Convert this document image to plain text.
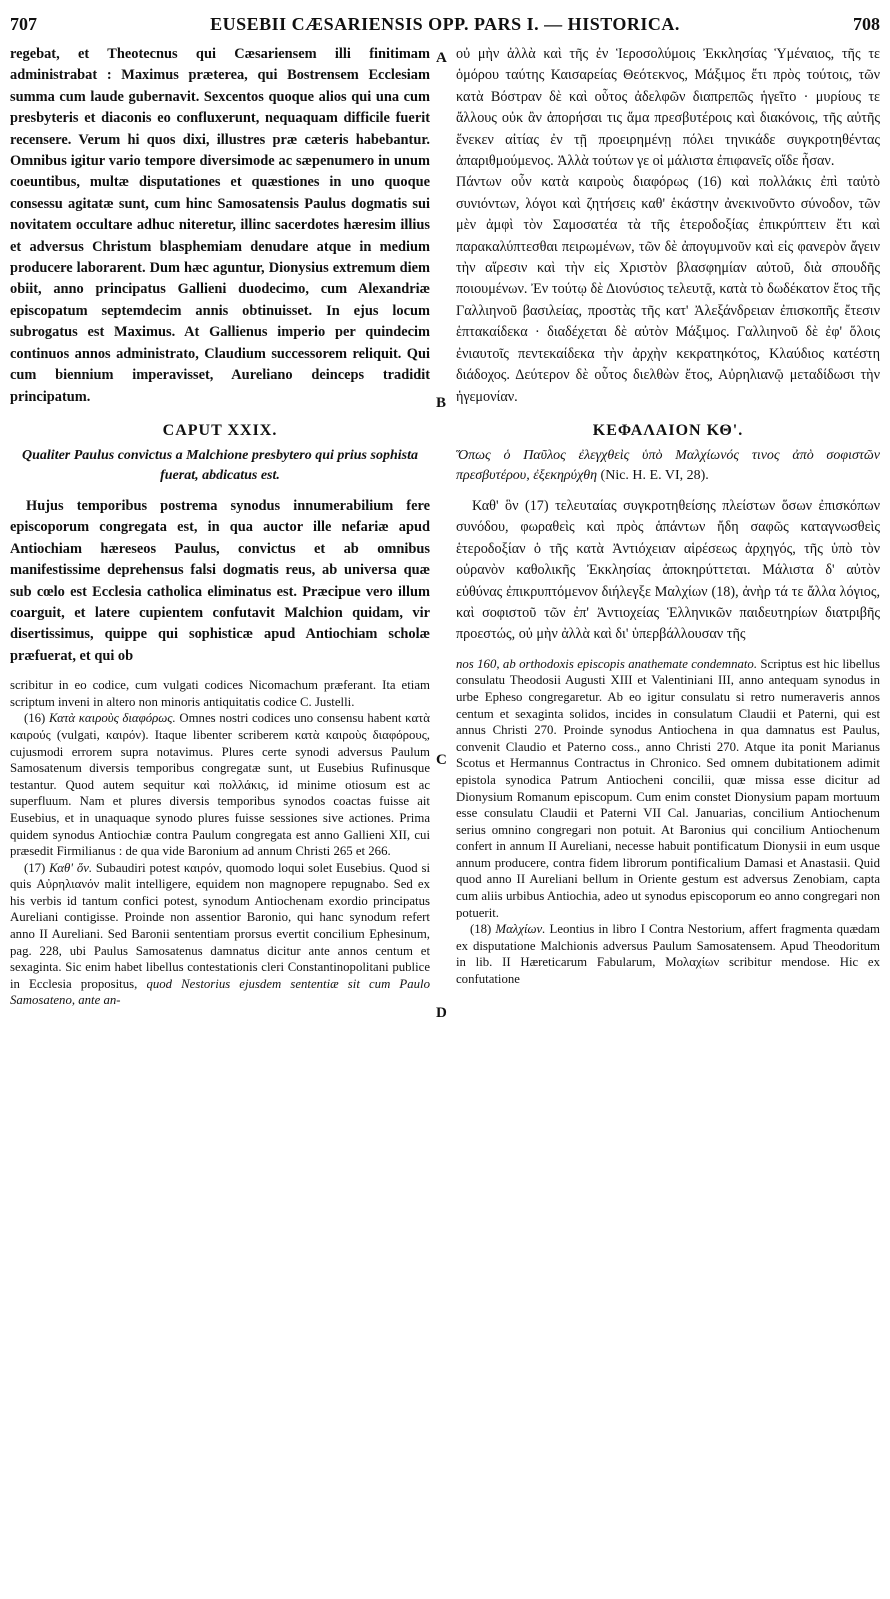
707	EUSEBII CÆSARIENSIS OPP. PARS I. — HISTORICA.	708
A
B
C
D

regebat, et Theotecnus qui Cæsariensem illi finitimam administrabat : Maximus præterea, qui Bostrensem Ecclesiam summa cum laude gubernavit. Sexcentos quoque alios qui una cum presbyteris et diaconis eo confluxerunt, nequaquam difficile fuerit recensere. Verum hi quos dixi, illustres præ cæteris habebantur. Omnibus igitur vario tempore diversimode ac sæpenumero in unum coeuntibus, multæ disputationes et quæstiones in uno quoque consessu agitatæ sunt, cum hinc Samosatensis Paulus dogmatis sui novitatem occultare adhuc niteretur, illinc sacerdotes hæresim illius et adversus Christum blasphemiam denudare atque in medium producere laborarent. Dum hæc aguntur, Dionysius extremum diem obiit, anno principatus Gallieni duodecimo, cum Alexandriæ episcopatum septemdecim annis obtinuisset. In ejus locum subrogatus est Maximus. At Gallienus imperio per quindecim continuos annos administrato, Claudium successorem reliquit. Qui cum biennium imperavisset, Aureliano deinceps tradidit principatum.

CAPUT XXIX.

Qualiter Paulus convictus a Malchione presbytero qui prius sophista fuerat, abdicatus est.

Hujus temporibus postrema synodus innumerabilium fere episcoporum congregata est, in qua auctor ille nefariæ apud Antiochiam hæreseos Paulus, convictus et ab omnibus manifestissime deprehensus falsi dogmatis reus, ab universa quæ sub cœlo est Ecclesia catholica eliminatus est. Præcipue vero illum coarguit, et latere cupientem confutavit Malchion quidam, vir disertissimus, quippe qui sophisticæ apud Antiochiam scholæ præfuerat, et qui ob

scribitur in eo codice, cum vulgati codices Nicomachum præferant. Ita etiam scriptum inveni in altero non minoris antiquitatis codice C. Justelli.

(16) Κατὰ καιροὺς διαφόρως. Omnes nostri codices uno consensu habent κατὰ καιρούς (vulgati, καιρόν). Itaque libenter scriberem κατὰ καιροὺς διαφόρους, cujusmodi errorem supra notavimus. Plures certe synodi adversus Paulum Samosatenum diversis temporibus congregatæ sunt, ut Eusebius Rufinusque testantur. Quod autem sequitur καὶ πολλάκις, id minime otiosum est ac superfluum. Nam et plures diversis temporibus synodos coactas fuisse ait Eusebius, et in unaquaque synodo plures fuisse sessiones sive actiones. Prima quidem synodus Antiochiæ contra Paulum congregata est anno Gallieni XII, cui præsedit Firmilianus : de qua vide Baronium ad annum Christi 265 et 266.

(17) Καθ' ὅν. Subaudiri potest καιρόν, quomodo loqui solet Eusebius. Quod si quis Αὐρηλιανόν malit intelligere, equidem non magnopere repugnabo. Sed ex his verbis id tantum confici potest, synodum Antiochenam exordio principatus Aureliani contigisse. Proinde non assentior Baronio, qui hanc synodum refert anno II Aureliani. Sed Baronii sententiam prorsus evertit concilium Ephesinum, pag. 228, ubi Paulus Samosatenus damnatus dicitur ante annos centum et sexaginta. Sic enim habet libellus contestationis cleri Constantinopolitani publice in Ecclesia propositus, quod Nestorius ejusdem sententiæ sit cum Paulo Samosateno, ante an-

οὐ μὴν ἀλλὰ καὶ τῆς ἐν Ἱεροσολύμοις Ἐκκλησίας Ὑμέναιος, τῆς τε ὁμόρου ταύτης Καισαρείας Θεότεκνος, Μάξιμος ἔτι πρὸς τούτοις, τῶν κατὰ Βόστραν δὲ καὶ οὗτος ἀδελφῶν διαπρεπῶς ἡγεῖτο · μυρίους τε ἄλλους οὐκ ἂν ἀπορήσαι τις ἅμα πρεσβυτέροις καὶ διακόνοις, τῆς αὐτῆς ἕνεκεν αἰτίας ἐν τῇ προειρημένῃ πόλει τηνικάδε συγκροτηθέντας ἀπαριθμούμενος. Ἀλλὰ τούτων γε οἱ μάλιστα ἐπιφανεῖς οἵδε ἦσαν.

Πάντων οὖν κατὰ καιροὺς διαφόρως (16) καὶ πολλάκις ἐπὶ ταὐτὸ συνιόντων, λόγοι καὶ ζητήσεις καθ' ἑκάστην ἀνεκινοῦντο σύνοδον, τῶν μὲν ἀμφὶ τὸν Σαμοσατέα τὰ τῆς ἑτεροδοξίας ἐπικρύπτειν ἔτι καὶ παρακαλύπτεσθαι πειρωμένων, τῶν δὲ ἀπογυμνοῦν καὶ εἰς φανερὸν ἄγειν τὴν αἵρεσιν καὶ τὴν εἰς Χριστὸν βλασφημίαν αὐτοῦ, διὰ σπουδῆς ποιουμένων. Ἐν τούτῳ δὲ Διονύσιος τελευτᾷ, κατὰ τὸ δωδέκατον ἔτος τῆς Γαλλιηνοῦ βασιλείας, προστὰς τῆς κατ' Ἀλεξάνδρειαν ἐπισκοπῆς ἔτεσιν ἑπτακαίδεκα · διαδέχεται δὲ αὐτὸν Μάξιμος. Γαλλιηνοῦ δὲ ἐφ' ὅλοις ἐνιαυτοῖς πεντεκαίδεκα τὴν ἀρχὴν κεκρατηκότος, Κλαύδιος κατέστη διάδοχος. Δεύτερον δὲ οὗτος διελθὼν ἔτος, Αὐρηλιανῷ μεταδίδωσι τὴν ἡγεμονίαν.

ΚΕΦΑΛΑΙΟΝ ΚΘ'.

Ὅπως ὁ Παῦλος ἐλεγχθεὶς ὑπὸ Μαλχίωνός τινος ἀπὸ σοφιστῶν πρεσβυτέρου, ἐξεκηρύχθη (Nic. H. E. VI, 28).

Καθ' ὃν (17) τελευταίας συγκροτηθείσης πλείστων ὅσων ἐπισκόπων συνόδου, φωραθεὶς καὶ πρὸς ἁπάντων ἤδη σαφῶς καταγνωσθεὶς ἑτεροδοξίαν ὁ τῆς κατὰ Ἀντιόχειαν αἱρέσεως ἀρχηγός, τῆς ὑπὸ τὸν οὐρανὸν καθολικῆς Ἐκκλησίας ἀποκηρύττεται. Μάλιστα δ' αὐτὸν εὐθύνας ἐπικρυπτόμενον διήλεγξε Μαλχίων (18), ἀνὴρ τά τε ἄλλα λόγιος, καὶ σοφιστοῦ τῶν ἐπ' Ἀντιοχείας Ἑλληνικῶν παιδευτηρίων διατριβῆς προεστώς, οὐ μὴν ἀλλὰ καὶ δι' ὑπερβάλλουσαν τῆς

nos 160, ab orthodoxis episcopis anathemate condemnato. Scriptus est hic libellus consulatu Theodosii Augusti XIII et Valentiniani III, anno antequam synodus in urbe Epheso congregaretur. Ab eo igitur consulatu si retro numeraveris annos centum et sexaginta solidos, incides in consulatum Claudii et Paterni, qui est annus Christi 270. Proinde synodus Antiochena in qua damnatus est Paulus, convenit Claudio et Paterno coss., anno Christi 270. Atque ita ponit Marianus Scotus et Hermannus Contractus in Chronico. Sed omnem dubitationem adimit epistola synodica Patrum Antiocheni concilii, quæ missa esse dicitur ad Dionysium Romanum episcopum. Cum enim constet Dionysium papam mortuum esse consulatu Claudii et Paterni VII Cal. Januarias, concilium Antiochenum serius omnino congregari non potuit. At Baronius qui concilium Antiochenum confert in annum II Aureliani, necesse habuit pontificatum Dionysii in eum usque annum producere, contra fidem librorum pontificalium Damasi et Anastasii. Quid quod anno II Aureliani bellum in Oriente gestum est adversus Zenobiam, capta cum aliis urbibus Antiochia, adeo ut synodus episcoporum eo anno congregari non potuerit.

(18) Μαλχίων. Leontius in libro I Contra Nestorium, affert fragmenta quædam ex disputatione Malchionis adversus Paulum Samosatensem. Apud Theodoritum in lib. II Hæreticarum Fabularum, Μολαχίων scribitur mendose. Hic ex confutatione
